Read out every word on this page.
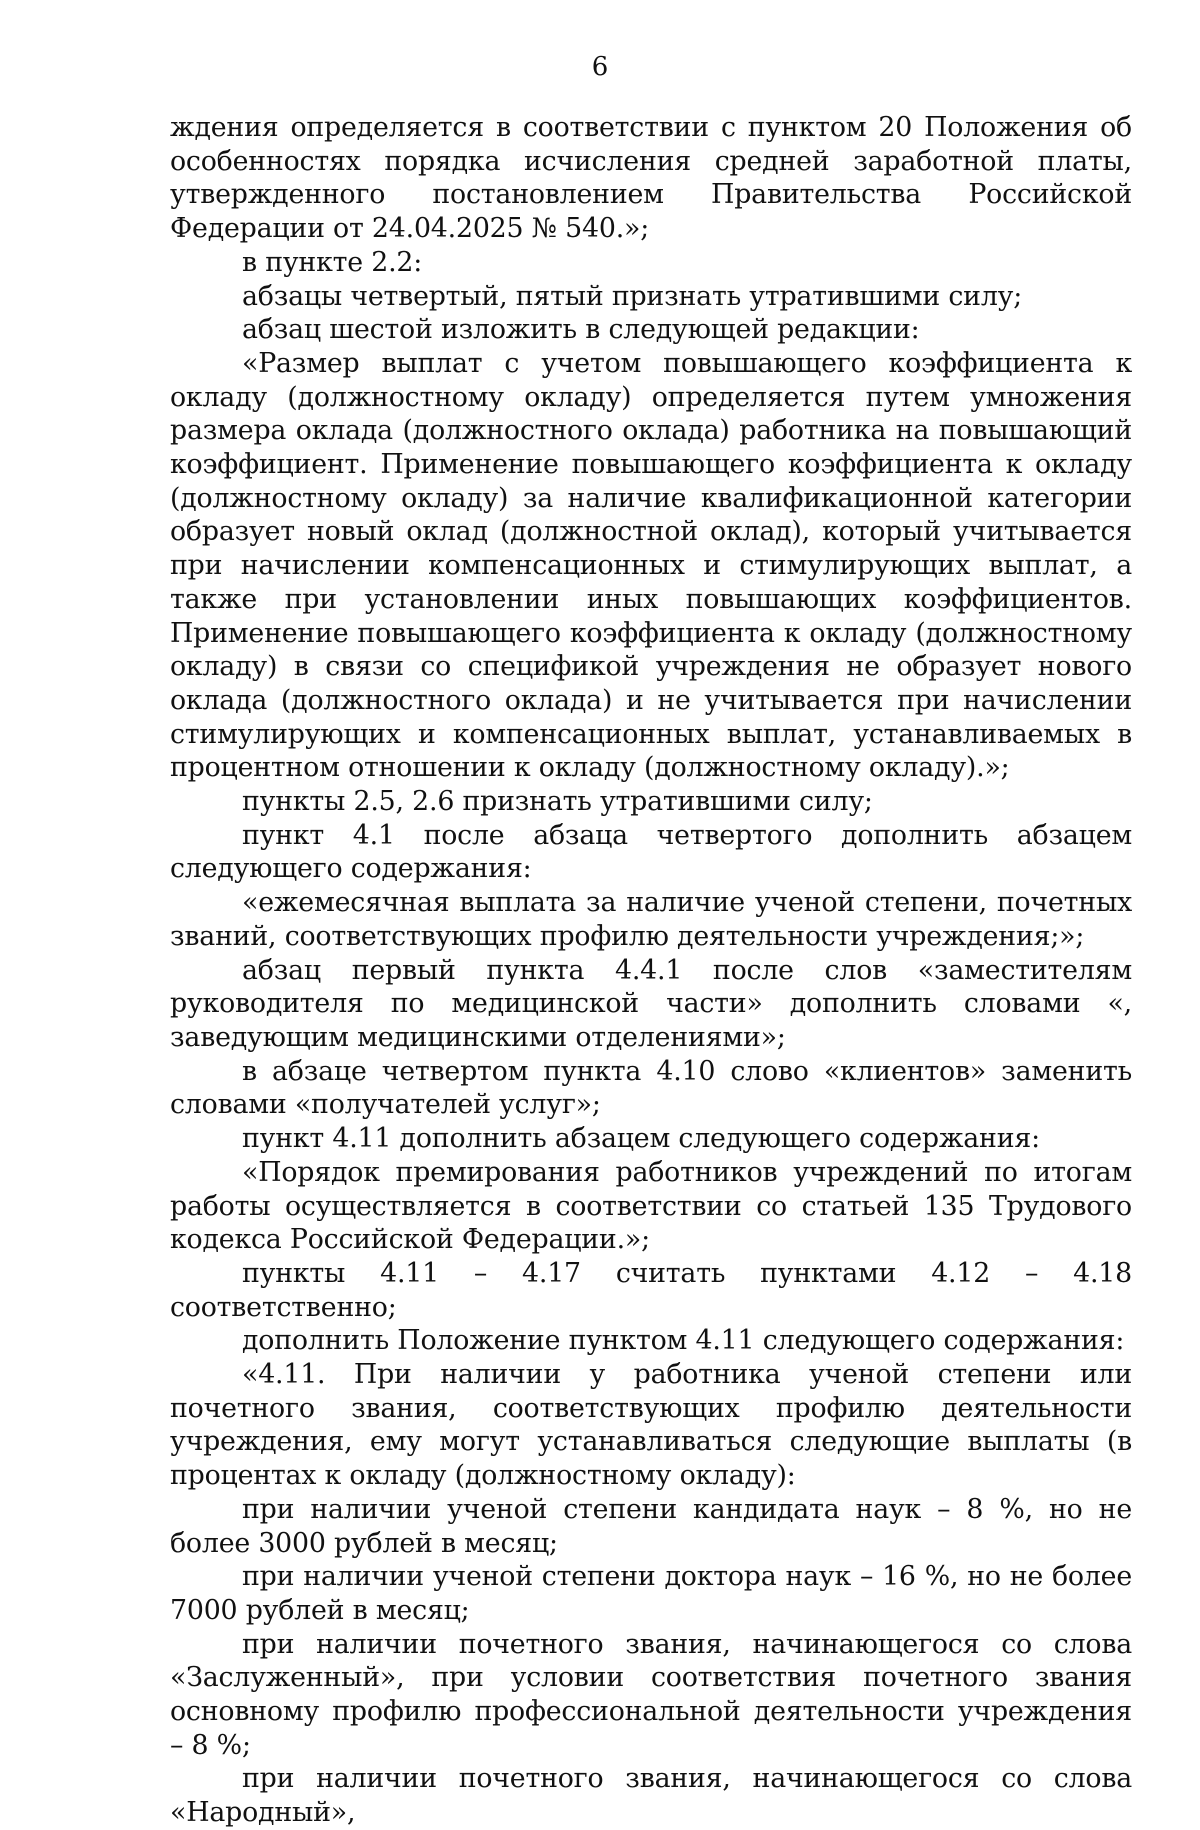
6

ждения определяется в соответствии с пунктом 20 Положения об особенностях порядка исчисления средней заработной платы, утвержденного постановлением Правительства Российской Федерации от 24.04.2025 № 540.»;

в пункте 2.2:

абзацы четвертый, пятый признать утратившими силу;

абзац шестой изложить в следующей редакции:

«Размер выплат с учетом повышающего коэффициента к окладу (должностному окладу) определяется путем умножения размера оклада (должностного оклада) работника на повышающий коэффициент. Применение повышающего коэффициента к окладу (должностному окладу) за наличие квалификационной категории образует новый оклад (должностной оклад), который учитывается при начислении компенсационных и стимулирующих выплат, а также при установлении иных повышающих коэффициентов. Применение повышающего коэффициента к окладу (должностному окладу) в связи со спецификой учреждения не образует нового оклада (должностного оклада) и не учитывается при начислении стимулирующих и компенсационных выплат, устанавливаемых в процентном отношении к окладу (должностному окладу).»;

пункты 2.5, 2.6 признать утратившими силу;

пункт 4.1 после абзаца четвертого дополнить абзацем следующего содержания:

«ежемесячная выплата за наличие ученой степени, почетных званий, соответствующих профилю деятельности учреждения;»;

абзац первый пункта 4.4.1 после слов «заместителям руководителя по медицинской части» дополнить словами «, заведующим медицинскими отделениями»;

в абзаце четвертом пункта 4.10 слово «клиентов» заменить словами «получателей услуг»;

пункт 4.11 дополнить абзацем следующего содержания:

«Порядок премирования работников учреждений по итогам работы осуществляется в соответствии со статьей 135 Трудового кодекса Российской Федерации.»;

пункты 4.11 – 4.17 считать пунктами 4.12 – 4.18 соответственно;

дополнить Положение пунктом 4.11 следующего содержания:

«4.11. При наличии у работника ученой степени или почетного звания, соответствующих профилю деятельности учреждения, ему могут устанавливаться следующие выплаты (в процентах к окладу (должностному окладу):

при наличии ученой степени кандидата наук – 8 %, но не более 3000 рублей в месяц;

при наличии ученой степени доктора наук – 16 %, но не более 7000 рублей в месяц;

при наличии почетного звания, начинающегося со слова «Заслуженный», при условии соответствия почетного звания основному профилю профессиональной деятельности учреждения – 8 %;

при наличии почетного звания, начинающегося со слова «Народный»,
